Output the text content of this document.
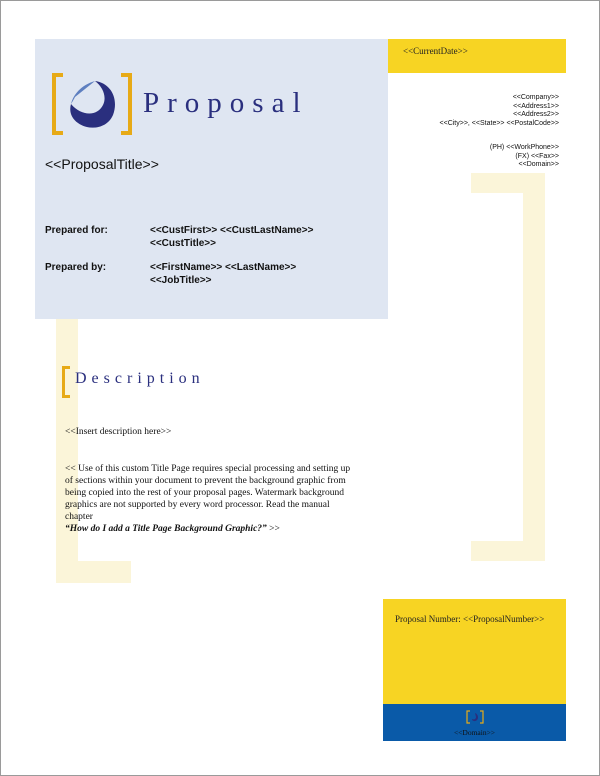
<<CurrentDate>>
Proposal
<<ProposalTitle>>
Prepared for:	<<CustFirst>> <<CustLastName>>
<<CustTitle>>
Prepared by:	<<FirstName>> <<LastName>>
<<JobTitle>>
<<Company>>
<<Address1>>
<<Address2>>
<<City>>, <<State>> <<PostalCode>>
(PH) <<WorkPhone>>
(FX) <<Fax>>
<<Domain>>
Description
<<Insert description here>>
<< Use of this custom Title Page requires special processing and setting up of sections within your document to prevent the background graphic from being copied into the rest of your proposal pages. Watermark background graphics are not supported by every word processor. Read the manual chapter
“How do I add a Title Page Background Graphic?” >>
Proposal Number: <<ProposalNumber>>
<<Domain>>
